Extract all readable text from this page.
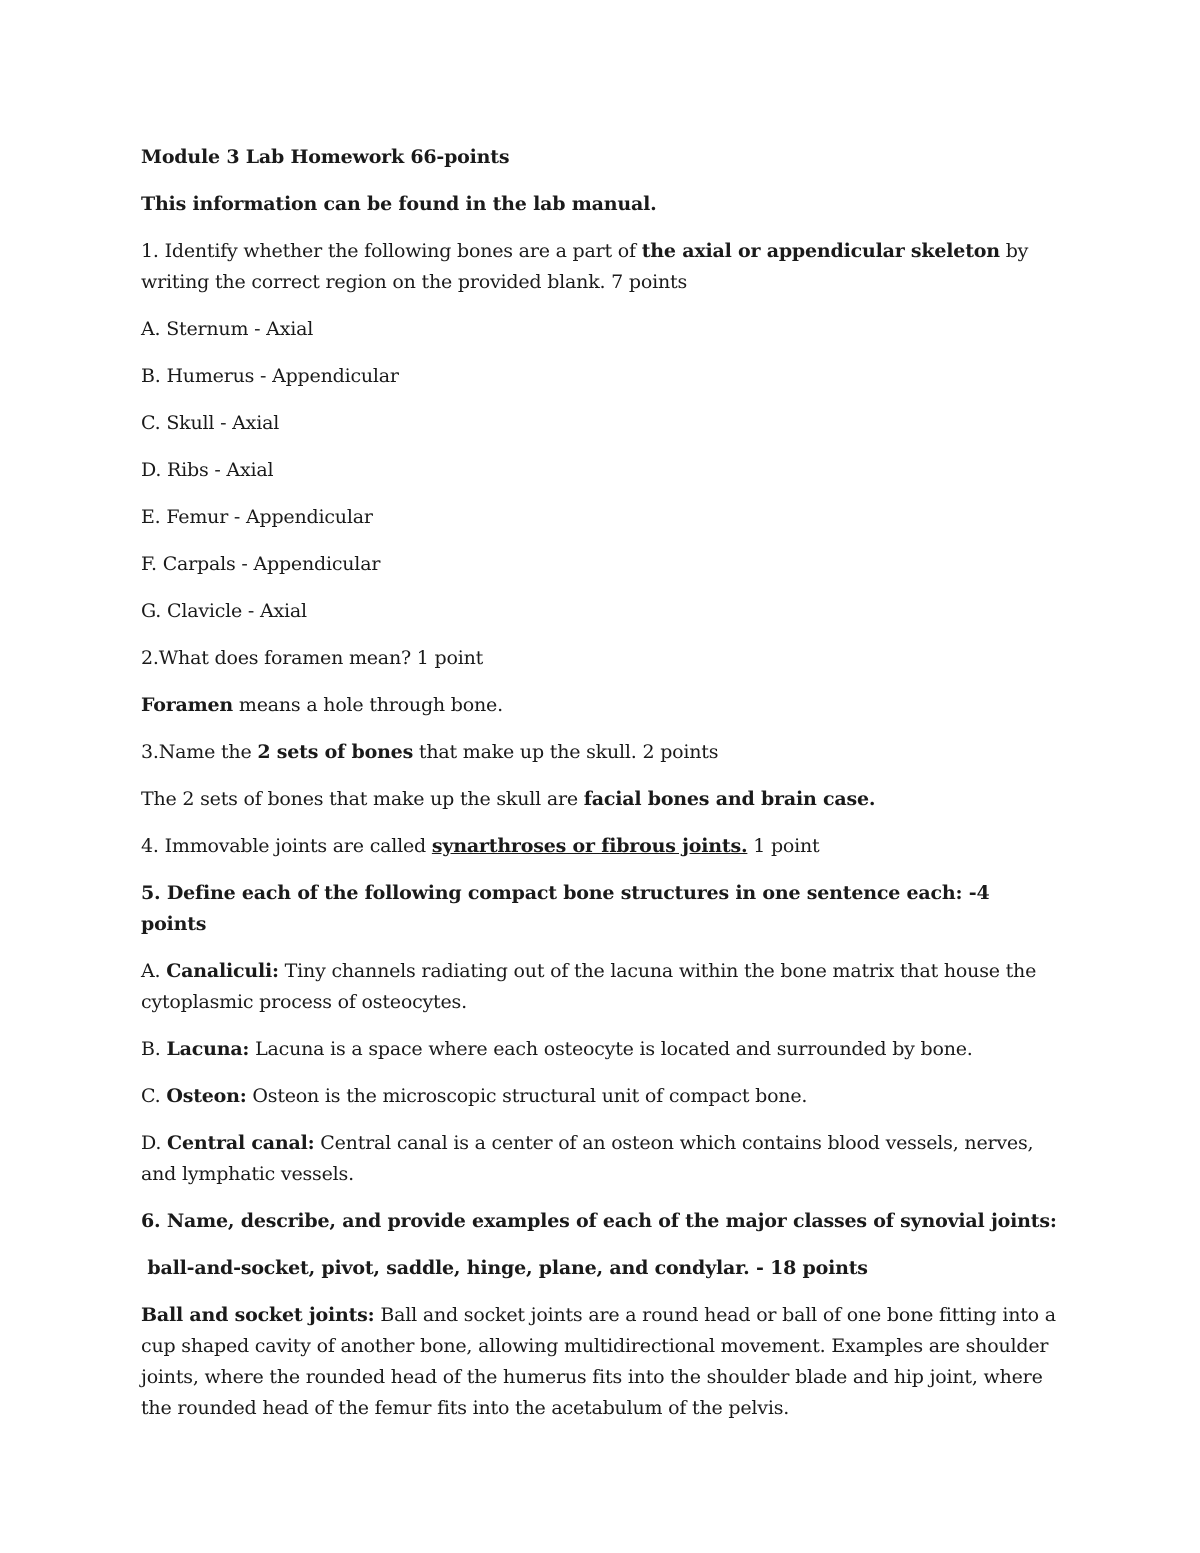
Module 3 Lab Homework 66-points

This information can be found in the lab manual.

1. Identify whether the following bones are a part of the axial or appendicular skeleton by writing the correct region on the provided blank. 7 points

A. Sternum - Axial

B. Humerus - Appendicular

C. Skull - Axial

D. Ribs - Axial

E. Femur - Appendicular

F. Carpals - Appendicular

G. Clavicle - Axial

2.What does foramen mean? 1 point

Foramen means a hole through bone.

3.Name the 2 sets of bones that make up the skull. 2 points

The 2 sets of bones that make up the skull are facial bones and brain case.

4. Immovable joints are called synarthroses or fibrous joints. 1 point

5. Define each of the following compact bone structures in one sentence each: -4 points

A. Canaliculi: Tiny channels radiating out of the lacuna within the bone matrix that house the cytoplasmic process of osteocytes.

B. Lacuna: Lacuna is a space where each osteocyte is located and surrounded by bone.

C. Osteon: Osteon is the microscopic structural unit of compact bone.

D. Central canal: Central canal is a center of an osteon which contains blood vessels, nerves, and lymphatic vessels.

6. Name, describe, and provide examples of each of the major classes of synovial joints:

ball-and-socket, pivot, saddle, hinge, plane, and condylar. - 18 points

Ball and socket joints: Ball and socket joints are a round head or ball of one bone fitting into a cup shaped cavity of another bone, allowing multidirectional movement. Examples are shoulder joints, where the rounded head of the humerus fits into the shoulder blade and hip joint, where the rounded head of the femur fits into the acetabulum of the pelvis.
